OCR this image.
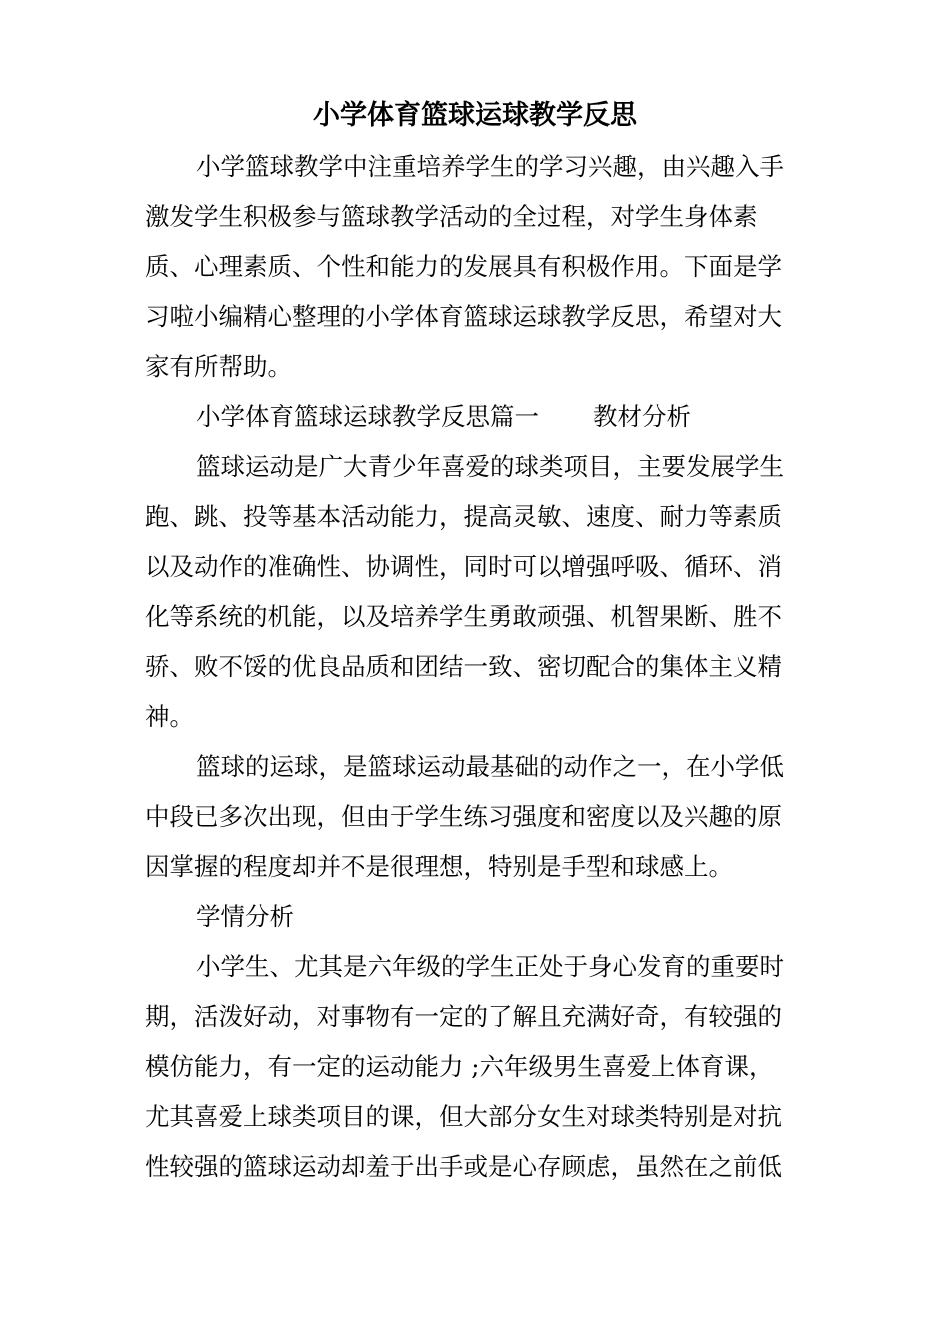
小学体育篮球运球教学反思
小学篮球教学中注重培养学生的学习兴趣，由兴趣入手
激发学生积极参与篮球教学活动的全过程，对学生身体素
质、心理素质、个性和能力的发展具有积极作用。下面是学
习啦小编精心整理的小学体育篮球运球教学反思，希望对大
家有所帮助。
小学体育篮球运球教学反思篇一 教材分析
篮球运动是广大青少年喜爱的球类项目，主要发展学生
跑、跳、投等基本活动能力，提高灵敏、速度、耐力等素质
以及动作的准确性、协调性，同时可以增强呼吸、循环、消
化等系统的机能，以及培养学生勇敢顽强、机智果断、胜不
骄、败不馁的优良品质和团结一致、密切配合的集体主义精
神。
篮球的运球，是篮球运动最基础的动作之一，在小学低
中段已多次出现，但由于学生练习强度和密度以及兴趣的原
因掌握的程度却并不是很理想，特别是手型和球感上。
学情分析
小学生、尤其是六年级的学生正处于身心发育的重要时
期，活泼好动，对事物有一定的了解且充满好奇，有较强的
模仿能力，有一定的运动能力 ;六年级男生喜爱上体育课，
尤其喜爱上球类项目的课，但大部分女生对球类特别是对抗
性较强的篮球运动却羞于出手或是心存顾虑，虽然在之前低
